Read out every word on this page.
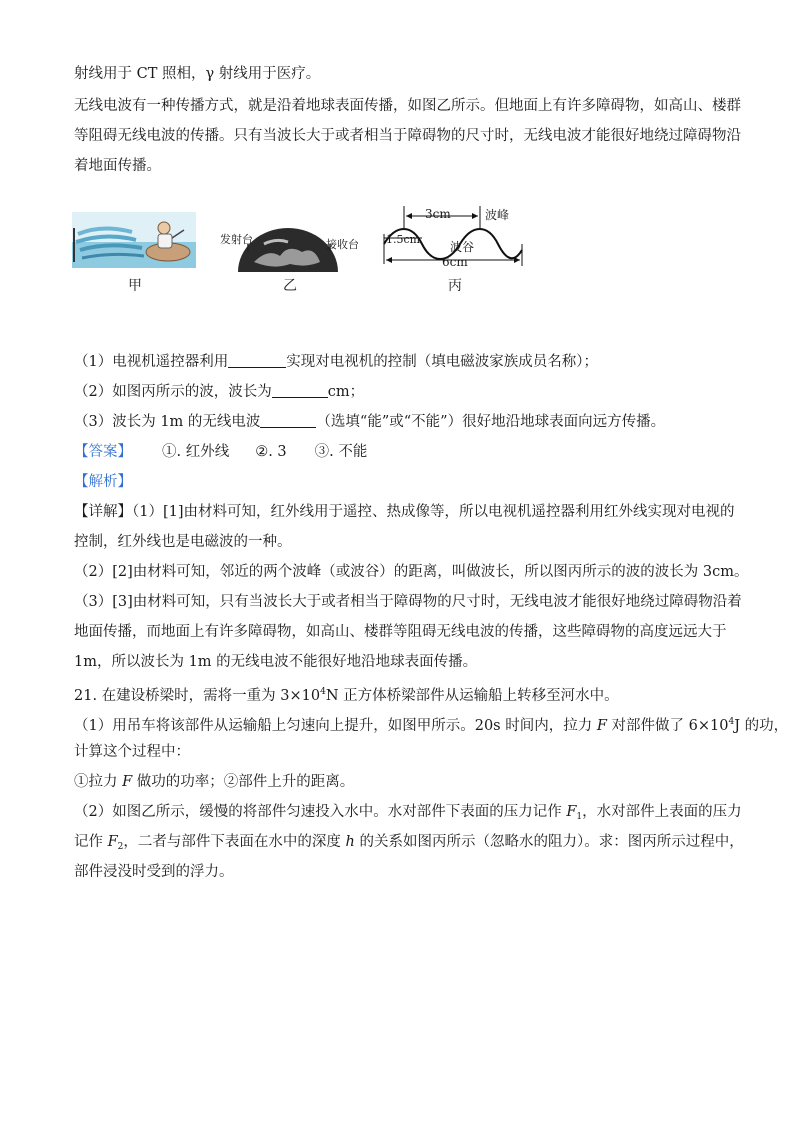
射线用于 CT 照相，γ 射线用于医疗。
无线电波有一种传播方式，就是沿着地球表面传播，如图乙所示。但地面上有许多障碍物，如高山、楼群
等阻碍无线电波的传播。只有当波长大于或者相当于障碍物的尺寸时，无线电波才能很好地绕过障碍物沿
着地面传播。
甲
发射台	接收台
乙
3cm	波峰
1.5cm
波谷
6cm
丙
（1）电视机遥控器利用	实现对电视机的控制（填电磁波家族成员名称）；
（2）如图丙所示的波，波长为	cm；
（3）波长为 1m 的无线电波	（选填“能”或“不能”）很好地沿地球表面向远方传播。
【答案】 ①. 红外线 ②. 3 ③. 不能
【解析】
【详解】（1）[1]由材料可知，红外线用于遥控、热成像等，所以电视机遥控器利用红外线实现对电视的
控制，红外线也是电磁波的一种。
（2）[2]由材料可知，邻近的两个波峰（或波谷）的距离，叫做波长，所以图丙所示的波的波长为 3cm。
（3）[3]由材料可知，只有当波长大于或者相当于障碍物的尺寸时，无线电波才能很好地绕过障碍物沿着
地面传播，而地面上有许多障碍物，如高山、楼群等阻碍无线电波的传播，这些障碍物的高度远远大于
1m，所以波长为 1m 的无线电波不能很好地沿地球表面传播。
21. 在建设桥梁时，需将一重为 $3\times 10^4N$ 正方体桥梁部件从运输船上转移至河水中。
（1）用吊车将该部件从运输船上匀速向上提升，如图甲所示。20s 时间内，拉力 F 对部件做了 $6\times 10^4J$ 的功，
计算这个过程中：
①拉力 F 做功的功率；②部件上升的距离。
（2）如图乙所示，缓慢的将部件匀速投入水中。水对部件下表面的压力记作 $F_1$，水对部件上表面的压力
记作 $F_2$，二者与部件下表面在水中的深度 h 的关系如图丙所示（忽略水的阻力）。求：图丙所示过程中，
部件浸没时受到的浮力。
